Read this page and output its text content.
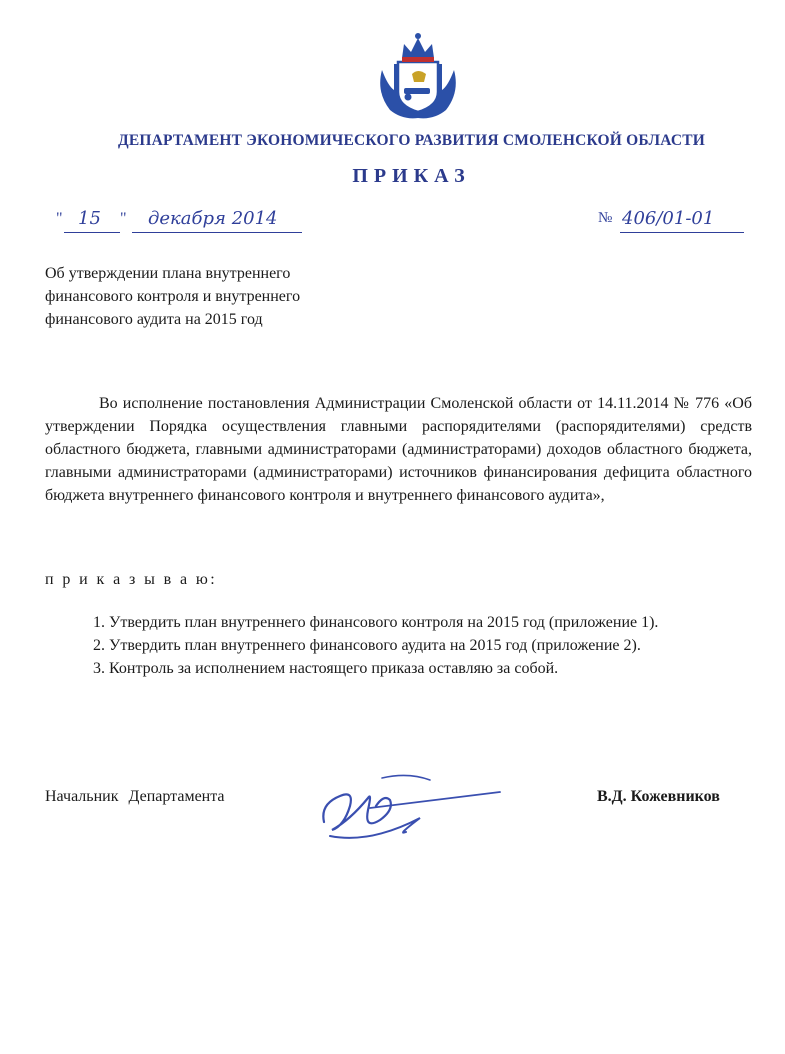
ДЕПАРТАМЕНТ ЭКОНОМИЧЕСКОГО РАЗВИТИЯ СМОЛЕНСКОЙ ОБЛАСТИ
ПРИКАЗ
" 15 " декабря 2014	№ 406/01-01
Об утверждении плана внутреннего
финансового контроля и внутреннего
финансового аудита на 2015 год
Во исполнение постановления Администрации Смоленской области от 14.11.2014 № 776 «Об утверждении Порядка осуществления главными распорядителями (распорядителями) средств областного бюджета, главными администраторами (администраторами) доходов областного бюджета, главными администраторами (администраторами) источников финансирования дефицита областного бюджета внутреннего финансового контроля и внутреннего финансового аудита»,
п р и к а з ы в а ю:

1. Утвердить план внутреннего финансового контроля на 2015 год (приложение 1).

2. Утвердить план внутреннего финансового аудита на 2015 год (приложение 2).

3. Контроль за исполнением настоящего приказа оставляю за собой.

Начальник Департамента	В.Д. Кожевников
